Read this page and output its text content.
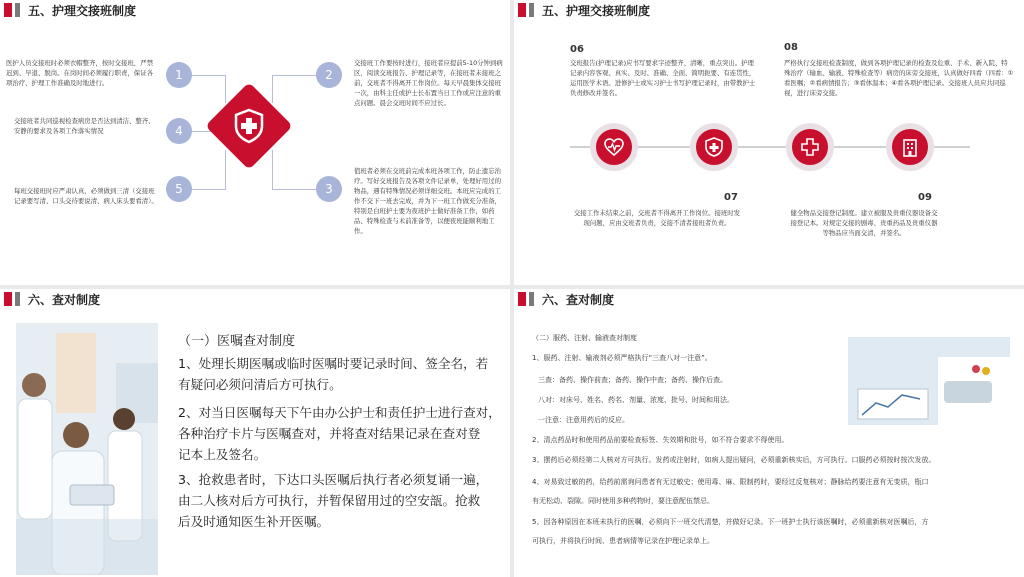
五、护理交接班制度
医护人员交接班时必须衣帽整齐，按时交接班，严禁迟到、早退、脱岗。在岗时间必须履行职责，保证各项治疗、护理工作准确及时地进行。
交接班者共同巡视检查病房是否达到清洁、整齐、安静的要求及各项工作落实情况
每班交接班时应严肃认真，必须做到三清（交接班记录要写清、口头交待要说清、病人床头要看清）。
交接班工作要按时进行，接班者应提前5-10分钟到病区，阅读交班报告、护理记录等，在接班者未接班之前，交班者不得离开工作岗位。每天早晨集体交接班一次，由科主任或护士长布置当日工作或应注意的重点问题。晨会交班时间不应过长。
值班者必须在交班前完成本班各项工作，防止遗忘治疗。写好交班报告及各项文件记录单，处理好用过的物品，遇有特殊情况必须详细交班。本班应完成的工作不交下一班去完成，并为下一班工作做充分准备，特别是白班护士要为夜班护士做好准备工作，如药品、特殊检查与术前准备等，以便夜班能顺利地工作。
1
4
5
2
3
五、护理交接班制度
06
交班报告(护理记录)应书写要求字迹整齐、清晰，重点突出。护理记录内容客观、真实、及时、准确、全面、简明扼要、有连贯性，运用医学术语。进修护士或实习护士书写护理记录时，由带教护士负责修改并签名。
08
严格执行交接班检查制度，做到各项护理记录的检查及危重、手术、新入院、特殊治疗（输血、输液、特殊检查等）病房的床旁交接班，认真做好四看（四看：①看医嘱；②看病情报告；③看体温本；④看各项护理记录。交接班人员应共同巡视，进行床旁交接。
07
交接工作未结束之前，交班者不得离开工作岗位。接班时发现问题，应由交班者负责，交接不清者接班者负责。
09
健全物品交接登记制度。建立被服及贵重仪器设备交接登记本。对规定交接的剧毒、贵重药品及贵重仪器等物品应当面交清，并签名。
六、查对制度
（一）医嘱查对制度
1、处理长期医嘱或临时医嘱时要记录时间、签全名，若
有疑问必须问清后方可执行。
2、对当日医嘱每天下午由办公护士和责任护士进行查对，
各种治疗卡片与医嘱查对，并将查对结果记录在查对登
记本上及签名。
3、抢救患者时，下达口头医嘱后执行者必须复诵一遍，
由二人核对后方可执行，并暂保留用过的空安瓿。抢救
后及时通知医生补开医嘱。
六、查对制度
（二）服药、注射、输液查对制度
1、服药、注射、输液剂必须严格执行“三查八对一注意”。
三查：备药、操作前查；备药、操作中查；备药、操作后查。
八对：对床号、姓名、药名、剂量、浓度、批号、时间和用法。
一注意：注意用药后的反应。
2、清点药品时和使用药品前要检查标签、失效期和批号，如不符合要求不得使用。
3、摆药后必须经第二人核对方可执行。发药或注射时，如病人提出疑问，必须重新核实后，方可执行。口服药必须按时按次发放。
4、对易致过敏的药，给药前需询问患者有无过敏史；使用毒、麻、限制药时，要经过反复核对；静脉给药要注意有无变质，瓶口
有无松动、裂隙。同时使用多种药物时，要注意配伍禁忌。
5、因各种原因在本班未执行的医嘱，必须向下一班交代清楚，并做好记录。下一班护士执行该医嘱时，必须重新核对医嘱后，方
可执行，并将执行时间、患者病情等记录在护理记录单上。
